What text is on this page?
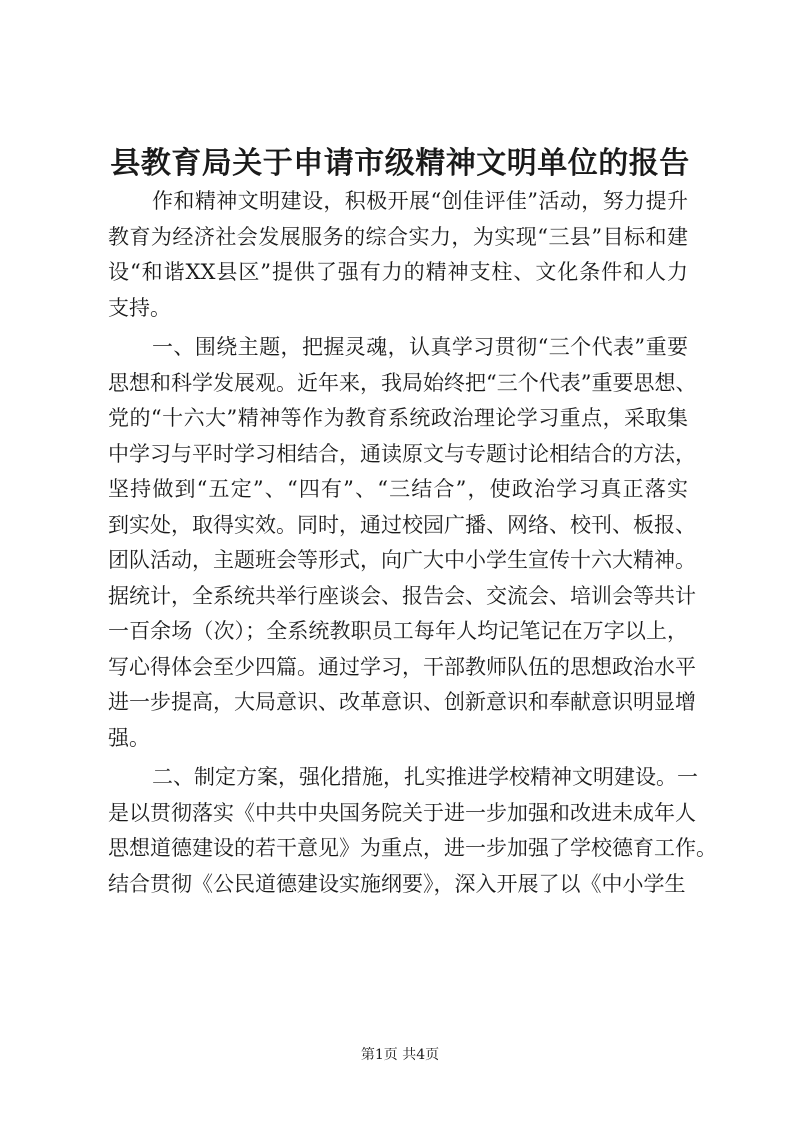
县教育局关于申请市级精神文明单位的报告
作和精神文明建设，积极开展“创佳评佳”活动，努力提升
教育为经济社会发展服务的综合实力，为实现“三县”目标和建
设“和谐XX县区”提供了强有力的精神支柱、文化条件和人力
支持。
一、围绕主题，把握灵魂，认真学习贯彻“三个代表”重要
思想和科学发展观。近年来，我局始终把“三个代表”重要思想、
党的“十六大”精神等作为教育系统政治理论学习重点，采取集
中学习与平时学习相结合，通读原文与专题讨论相结合的方法，
坚持做到“五定”、“四有”、“三结合”，使政治学习真正落实
到实处，取得实效。同时，通过校园广播、网络、校刊、板报、
团队活动，主题班会等形式，向广大中小学生宣传十六大精神。
据统计，全系统共举行座谈会、报告会、交流会、培训会等共计
一百余场（次）；全系统教职员工每年人均记笔记在万字以上，
写心得体会至少四篇。通过学习，干部教师队伍的思想政治水平
进一步提高，大局意识、改革意识、创新意识和奉献意识明显增
强。
二、制定方案，强化措施，扎实推进学校精神文明建设。一
是以贯彻落实《中共中央国务院关于进一步加强和改进未成年人
思想道德建设的若干意见》为重点，进一步加强了学校德育工作。
结合贯彻《公民道德建设实施纲要》，深入开展了以《中小学生
第1页 共4页
